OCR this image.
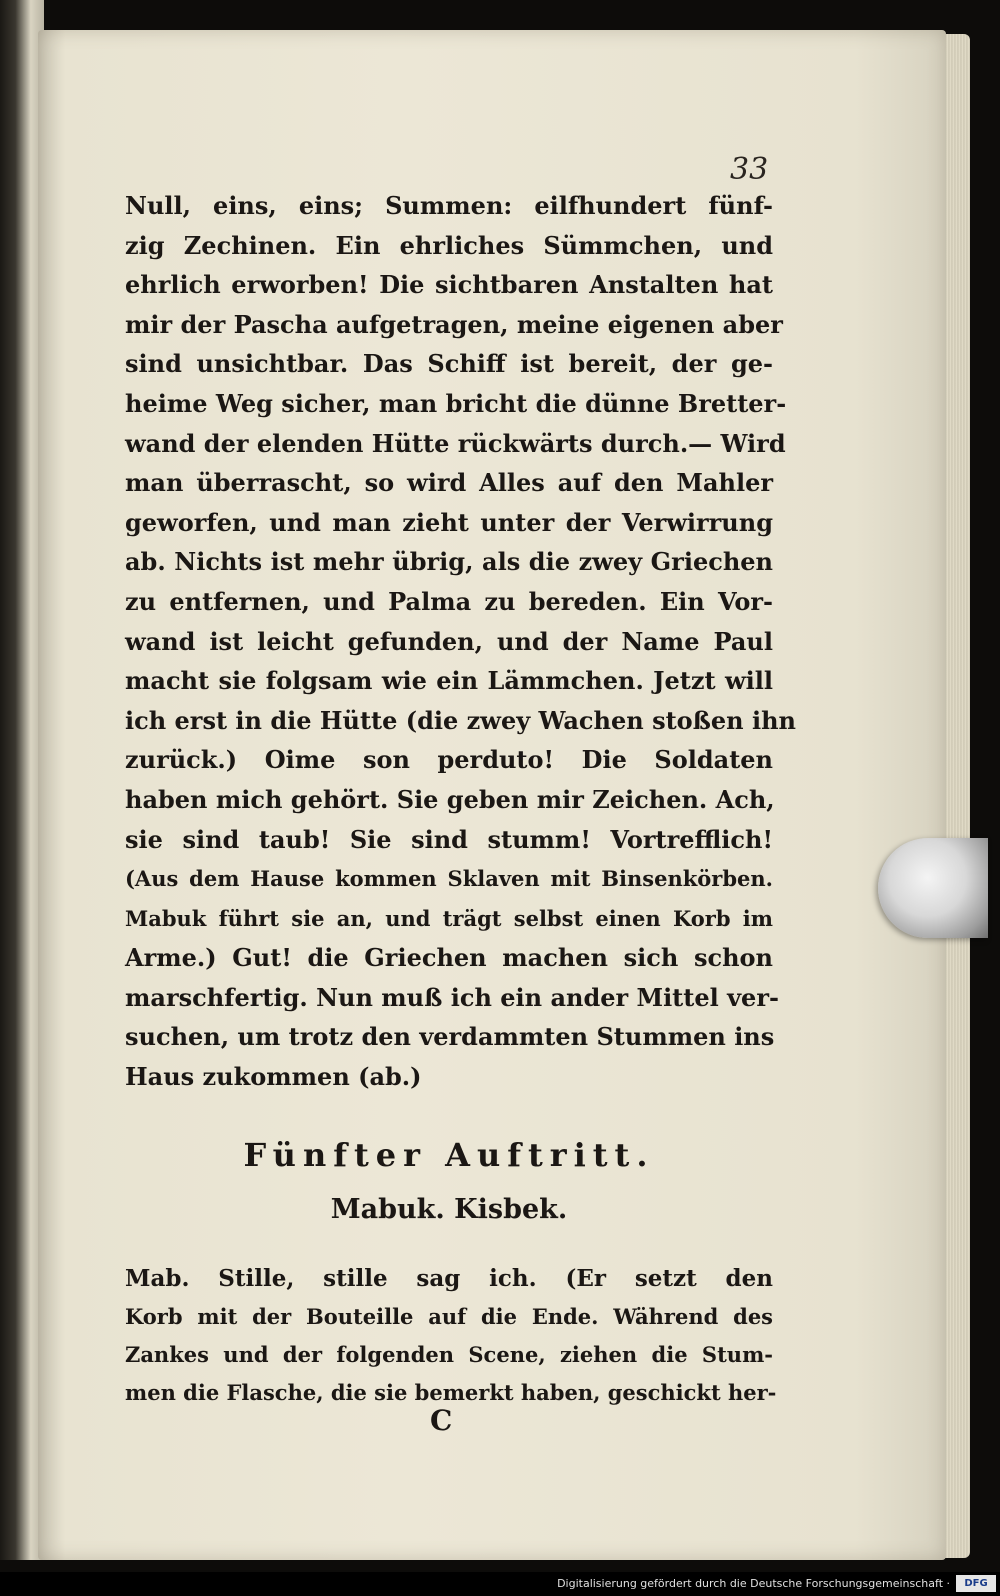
33
Null, eins, eins; Summen: eilfhundert fünf-
zig Zechinen. Ein ehrliches Sümmchen, und
ehrlich erworben! Die sichtbaren Anstalten hat
mir der Pascha aufgetragen, meine eigenen aber
sind unsichtbar. Das Schiff ist bereit, der ge-
heime Weg sicher, man bricht die dünne Bretter-
wand der elenden Hütte rückwärts durch.— Wird
man überrascht, so wird Alles auf den Mahler
geworfen, und man zieht unter der Verwirrung
ab. Nichts ist mehr übrig, als die zwey Griechen
zu entfernen, und Palma zu bereden. Ein Vor-
wand ist leicht gefunden, und der Name Paul
macht sie folgsam wie ein Lämmchen. Jetzt will
ich erst in die Hütte (die zwey Wachen stoßen ihn
zurück.) Oime son perduto! Die Soldaten
haben mich gehört. Sie geben mir Zeichen. Ach,
sie sind taub! Sie sind stumm! Vortrefflich!
(Aus dem Hause kommen Sklaven mit Binsenkörben.
Mabuk führt sie an, und trägt selbst einen Korb im
Arme.) Gut! die Griechen machen sich schon
marschfertig. Nun muß ich ein ander Mittel ver-
suchen, um trotz den verdammten Stummen ins
Haus zukommen (ab.)
Fünfter Auftritt.
Mabuk. Kisbek.
Mab. Stille, stille sag ich. (Er setzt den
Korb mit der Bouteille auf die Ende. Während des
Zankes und der folgenden Scene, ziehen die Stum-
men die Flasche, die sie bemerkt haben, geschickt her-
C
Digitalisierung gefördert durch die Deutsche Forschungsgemeinschaft ·	DFG
